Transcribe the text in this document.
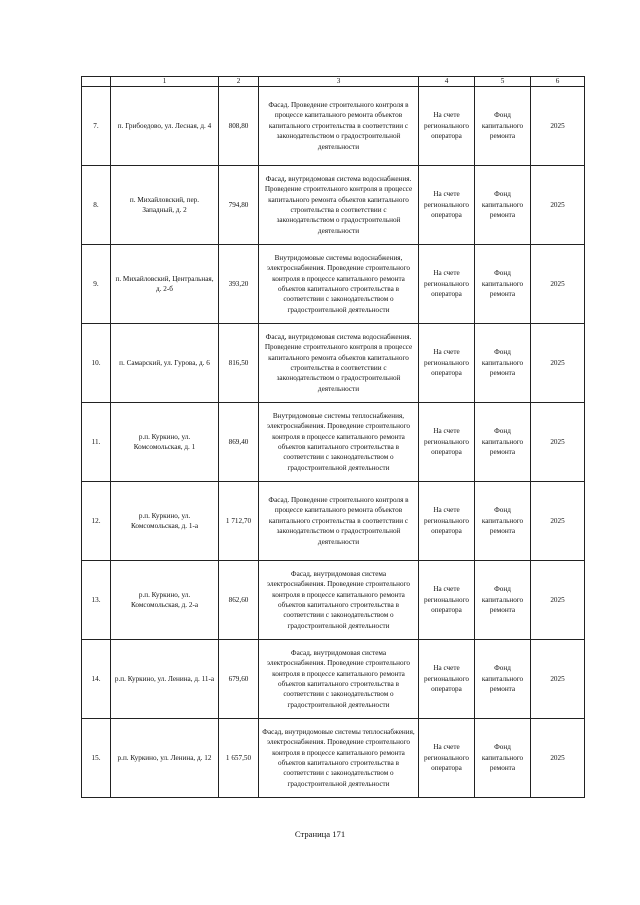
	1	2	3	4	5	6
7.	п. Грибоедово, ул. Лесная, д. 4	808,80	Фасад. Проведение строительного контроля в процессе капитального ремонта объектов капитального строительства в соответствии с законодательством о градостроительной деятельности	На счете регионального оператора	Фонд капитального ремонта	2025
8.	п. Михайловский, пер. Западный, д. 2	794,80	Фасад, внутридомовая система водоснабжения. Проведение строительного контроля в процессе капитального ремонта объектов капитального строительства в соответствии с законодательством о градостроительной деятельности	На счете регионального оператора	Фонд капитального ремонта	2025
9.	п. Михайловский, Центральная, д. 2-б	393,20	Внутридомовые системы водоснабжения, электроснабжения. Проведение строительного контроля в процессе капитального ремонта объектов капитального строительства в соответствии с законодательством о градостроительной деятельности	На счете регионального оператора	Фонд капитального ремонта	2025
10.	п. Самарский, ул. Гурова, д. 6	816,50	Фасад, внутридомовая система водоснабжения. Проведение строительного контроля в процессе капитального ремонта объектов капитального строительства в соответствии с законодательством о градостроительной деятельности	На счете регионального оператора	Фонд капитального ремонта	2025
11.	р.п. Куркино, ул. Комсомольская, д. 1	869,40	Внутридомовые системы теплоснабжения, электроснабжения. Проведение строительного контроля в процессе капитального ремонта объектов капитального строительства в соответствии с законодательством о градостроительной деятельности	На счете регионального оператора	Фонд капитального ремонта	2025
12.	р.п. Куркино, ул. Комсомольская, д. 1-а	1 712,70	Фасад. Проведение строительного контроля в процессе капитального ремонта объектов капитального строительства в соответствии с законодательством о градостроительной деятельности	На счете регионального оператора	Фонд капитального ремонта	2025
13.	р.п. Куркино, ул. Комсомольская, д. 2-а	862,60	Фасад, внутридомовая система электроснабжения. Проведение строительного контроля в процессе капитального ремонта объектов капитального строительства в соответствии с законодательством о градостроительной деятельности	На счете регионального оператора	Фонд капитального ремонта	2025
14.	р.п. Куркино, ул. Ленина, д. 11-а	679,60	Фасад, внутридомовая система электроснабжения. Проведение строительного контроля в процессе капитального ремонта объектов капитального строительства в соответствии с законодательством о градостроительной деятельности	На счете регионального оператора	Фонд капитального ремонта	2025
15.	р.п. Куркино, ул. Ленина, д. 12	1 657,50	Фасад, внутридомовые системы теплоснабжения, электроснабжения. Проведение строительного контроля в процессе капитального ремонта объектов капитального строительства в соответствии с законодательством о градостроительной деятельности	На счете регионального оператора	Фонд капитального ремонта	2025
Страница 171
